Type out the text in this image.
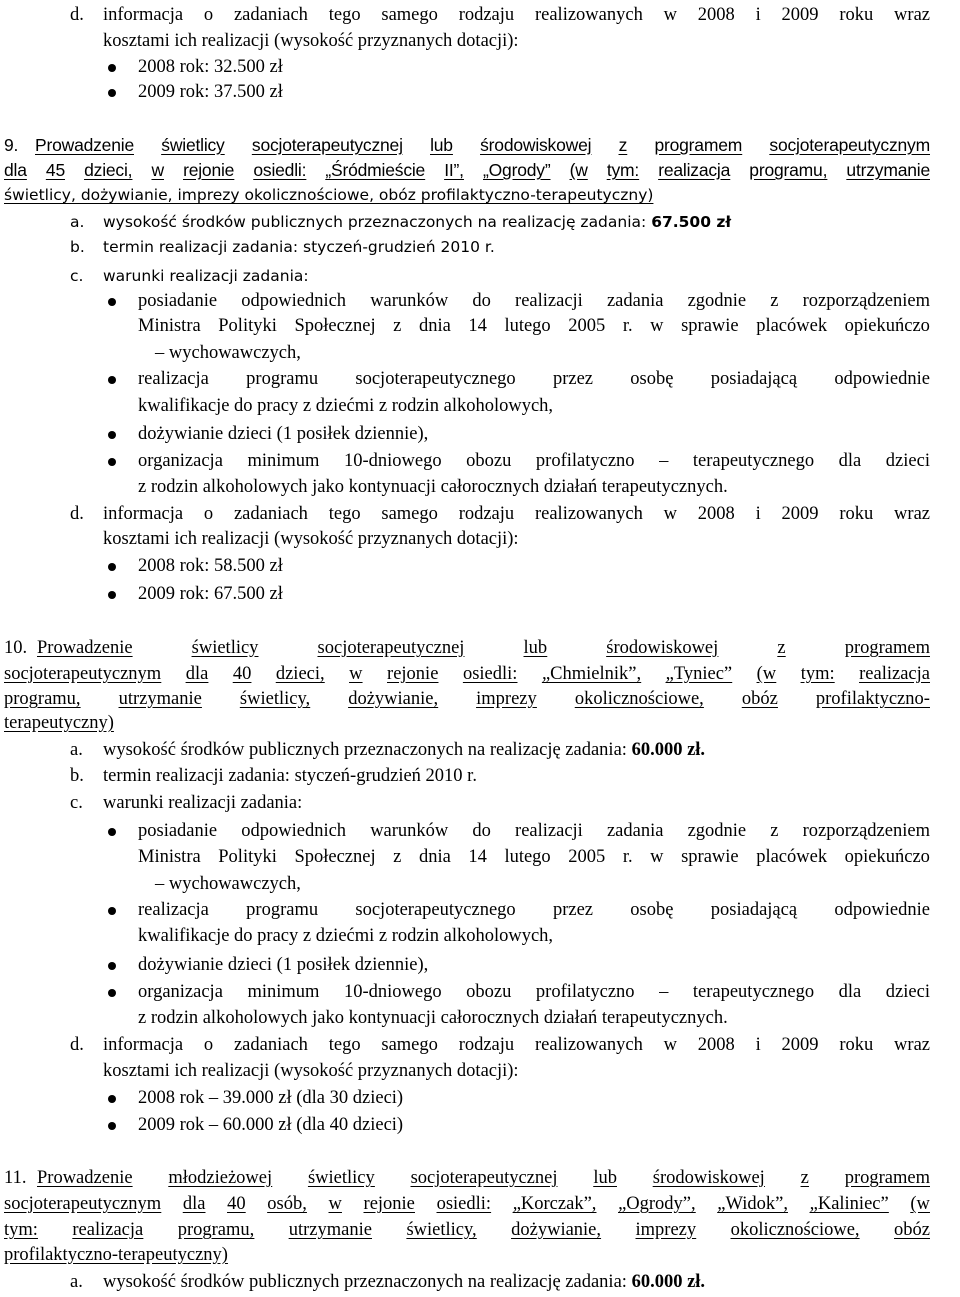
d. informacja o zadaniach tego samego rodzaju realizowanych w 2008 i 2009 roku wraz
kosztami ich realizacji (wysokość przyznanych dotacji):
2008 rok: 32.500 zł
2009 rok: 37.500 zł
9. Prowadzenie świetlicy socjoterapeutycznej lub środowiskowej z programem socjoterapeutycznym
dla 45 dzieci, w rejonie osiedli: „Śródmieście II”, „Ogrody” (w tym: realizacja programu, utrzymanie
świetlicy, dożywianie, imprezy okolicznościowe, obóz profilaktyczno-terapeutyczny)
a. wysokość środków publicznych przeznaczonych na realizację zadania: 67.500 zł
b. termin realizacji zadania: styczeń-grudzień 2010 r.
c. warunki realizacji zadania:
posiadanie odpowiednich warunków do realizacji zadania zgodnie z rozporządzeniem
Ministra Polityki Społecznej z dnia 14 lutego 2005 r. w sprawie placówek opiekuńczo
– wychowawczych,
realizacja programu socjoterapeutycznego przez osobę posiadającą odpowiednie
kwalifikacje do pracy z dziećmi z rodzin alkoholowych,
dożywianie dzieci (1 posiłek dziennie),
organizacja minimum 10-dniowego obozu profilatyczno – terapeutycznego dla dzieci
z rodzin alkoholowych jako kontynuacji całorocznych działań terapeutycznych.
d. informacja o zadaniach tego samego rodzaju realizowanych w 2008 i 2009 roku wraz
kosztami ich realizacji (wysokość przyznanych dotacji):
2008 rok: 58.500 zł
2009 rok: 67.500 zł
10. Prowadzenie	świetlicy	socjoterapeutycznej	lub	środowiskowej	z	programem
socjoterapeutycznym dla 40 dzieci, w rejonie osiedli: „Chmielnik”, „Tyniec” (w tym: realizacja
programu, utrzymanie świetlicy, dożywianie, imprezy okolicznościowe, obóz profilaktyczno-
terapeutyczny)
a. wysokość środków publicznych przeznaczonych na realizację zadania: 60.000 zł.
b. termin realizacji zadania: styczeń-grudzień 2010 r.
c. warunki realizacji zadania:
posiadanie odpowiednich warunków do realizacji zadania zgodnie z rozporządzeniem
Ministra Polityki Społecznej z dnia 14 lutego 2005 r. w sprawie placówek opiekuńczo
– wychowawczych,
realizacja programu socjoterapeutycznego przez osobę posiadającą odpowiednie
kwalifikacje do pracy z dziećmi z rodzin alkoholowych,
dożywianie dzieci (1 posiłek dziennie),
organizacja minimum 10-dniowego obozu profilatyczno – terapeutycznego dla dzieci
z rodzin alkoholowych jako kontynuacji całorocznych działań terapeutycznych.
d. informacja o zadaniach tego samego rodzaju realizowanych w 2008 i 2009 roku wraz
kosztami ich realizacji (wysokość przyznanych dotacji):
2008 rok – 39.000 zł (dla 30 dzieci)
2009 rok – 60.000 zł (dla 40 dzieci)
11. Prowadzenie młodzieżowej świetlicy socjoterapeutycznej lub środowiskowej z programem
socjoterapeutycznym dla 40 osób, w rejonie osiedli: „Korczak”, „Ogrody”, „Widok”, „Kaliniec” (w
tym: realizacja programu, utrzymanie świetlicy, dożywianie, imprezy okolicznościowe, obóz
profilaktyczno-terapeutyczny)
a. wysokość środków publicznych przeznaczonych na realizację zadania: 60.000 zł.
